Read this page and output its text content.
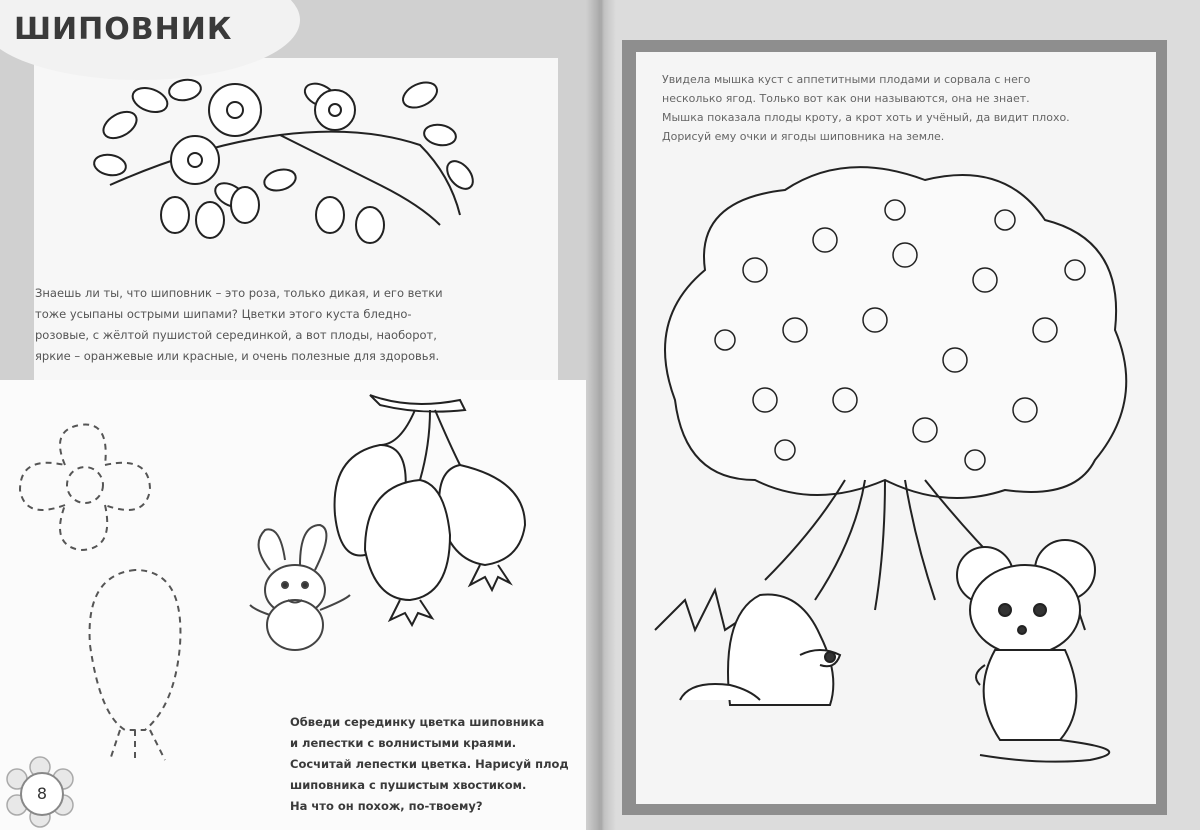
ШИПОВНИК

Знаешь ли ты, что шиповник – это роза, только дикая, и его ветки
тоже усыпаны острыми шипами? Цветки этого куста бледно-
розовые, с жёлтой пушистой серединкой, а вот плоды, наоборот,
яркие – оранжевые или красные, и очень полезные для здоровья.

Обведи серединку цветка шиповника
и лепестки с волнистыми краями.
Сосчитай лепестки цветка. Нарисуй плод
шиповника с пушистым хвостиком.
На что он похож, по-твоему?

8

Увидела мышка куст с аппетитными плодами и сорвала с него
несколько ягод. Только вот как они называются, она не знает.
Мышка показала плоды кроту, а крот хоть и учёный, да видит плохо.
Дорисуй ему очки и ягоды шиповника на земле.
